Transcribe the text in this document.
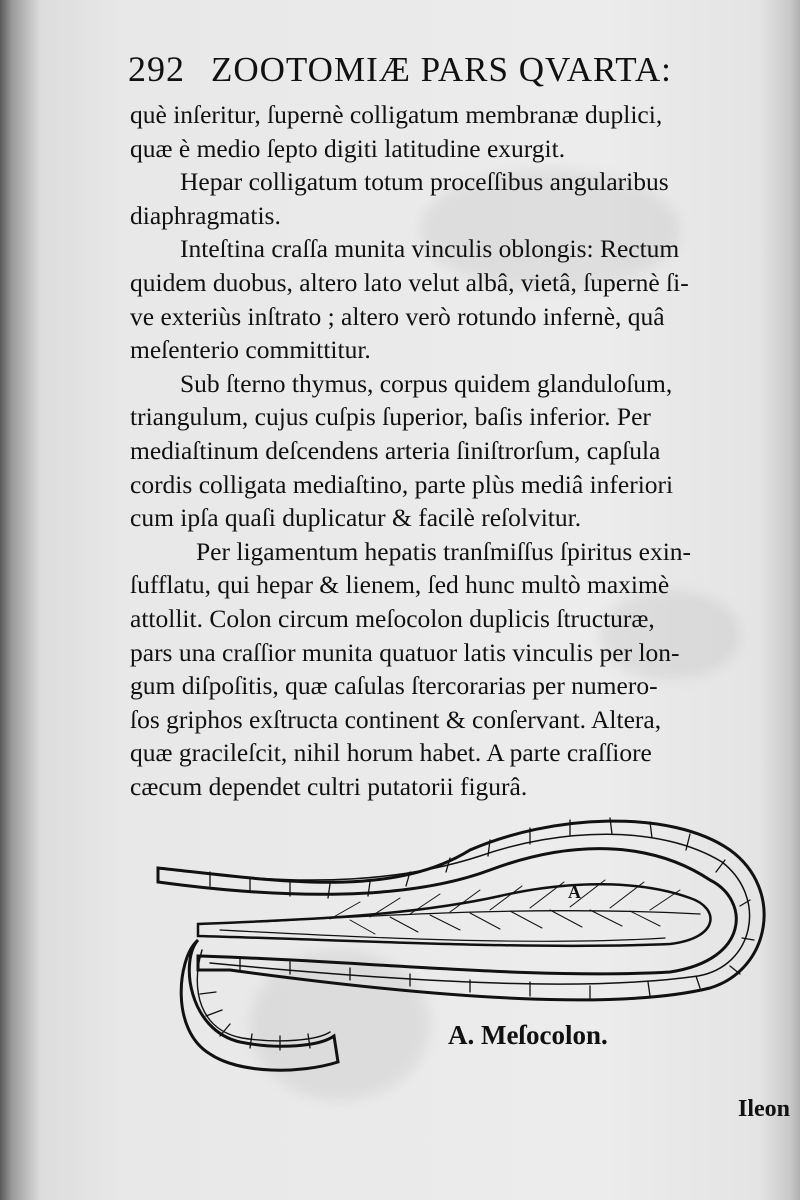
292 ZOOTOMIÆ PARS QVARTA:
què inſeritur, ſupernè colligatum membranæ duplici,
quæ è medio ſepto digiti latitudine exurgit.
Hepar colligatum totum proceſſibus angularibus
diaphragmatis.
Inteſtina craſſa munita vinculis oblongis: Rectum
quidem duobus, altero lato velut albâ, vietâ, ſupernè ſi-
ve exteriùs inſtrato ; altero verò rotundo infernè, quâ
meſenterio committitur.
Sub ſterno thymus, corpus quidem glanduloſum,
triangulum, cujus cuſpis ſuperior, baſis inferior. Per
mediaſtinum deſcendens arteria ſiniſtrorſum, capſula
cordis colligata mediaſtino, parte plùs mediâ inferiori
cum ipſa quaſi duplicatur & facilè reſolvitur.
Per ligamentum hepatis tranſmiſſus ſpiritus exin-
ſufflatu, qui hepar & lienem, ſed hunc multò maximè
attollit. Colon circum meſocolon duplicis ſtructuræ,
pars una craſſior munita quatuor latis vinculis per lon-
gum diſpoſitis, quæ caſulas ſtercorarias per numero-
ſos griphos exſtructa continent & conſervant. Altera,
quæ gracileſcit, nihil horum habet. A parte craſſiore
cæcum dependet cultri putatorii figurâ.
A
A. Meſocolon.
Ileon
